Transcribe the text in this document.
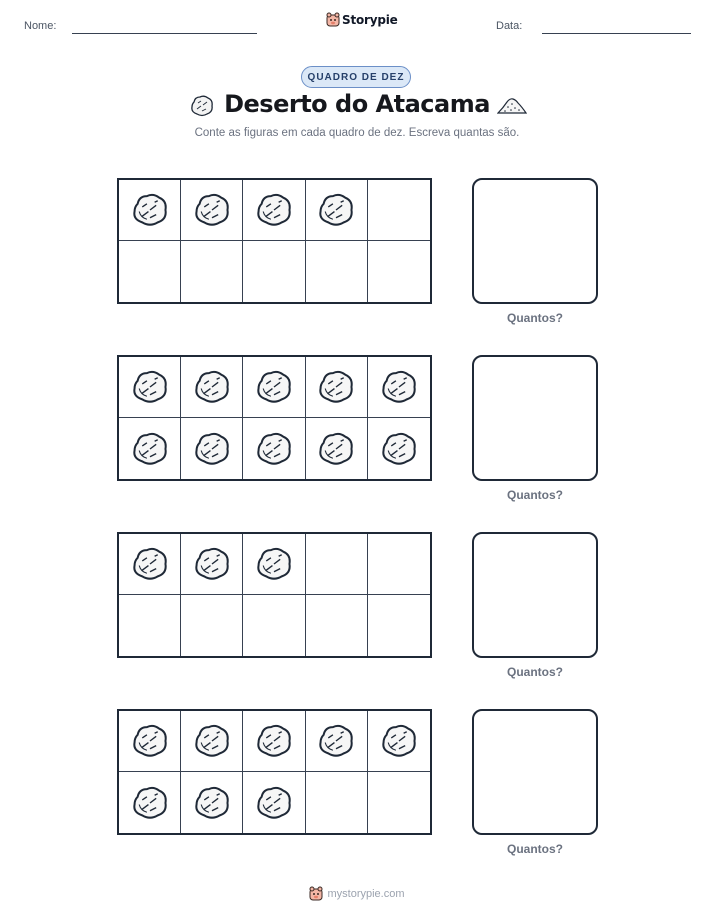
Nome:	Storypie	Data:
QUADRO DE DEZ
Deserto do Atacama
Conte as figuras em cada quadro de dez. Escreva quantas são.
Quantos?
Quantos?
Quantos?
Quantos?
mystorypie.com
